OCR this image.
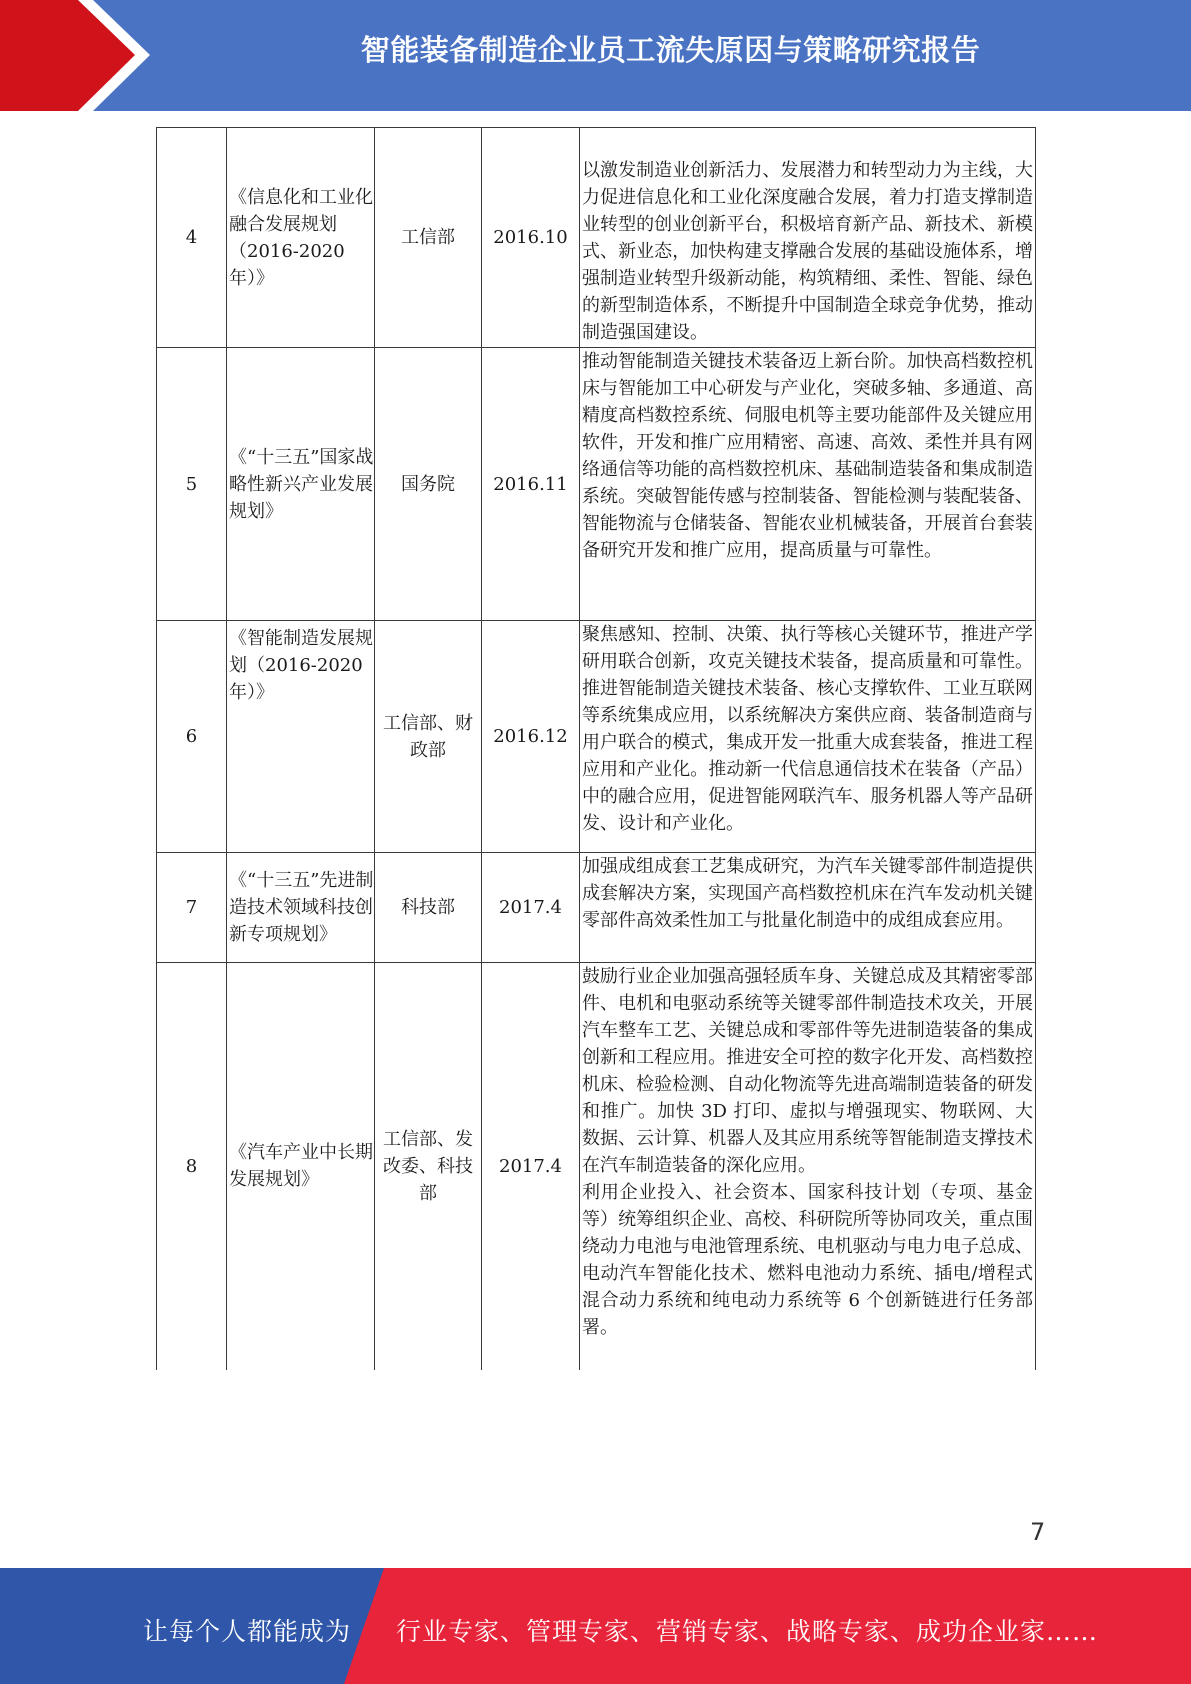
智能装备制造企业员工流失原因与策略研究报告
4	《信息化和工业化融合发展规划（2016-2020年）》	工信部	2016.10	以激发制造业创新活力、发展潜力和转型动力为主线，大力促进信息化和工业化深度融合发展，着力打造支撑制造业转型的创业创新平台，积极培育新产品、新技术、新模式、新业态，加快构建支撑融合发展的基础设施体系，增强制造业转型升级新动能，构筑精细、柔性、智能、绿色的新型制造体系，不断提升中国制造全球竞争优势，推动制造强国建设。

5	《“十三五”国家战略性新兴产业发展规划》	国务院	2016.11	推动智能制造关键技术装备迈上新台阶。加快高档数控机床与智能加工中心研发与产业化，突破多轴、多通道、高精度高档数控系统、伺服电机等主要功能部件及关键应用软件，开发和推广应用精密、高速、高效、柔性并具有网络通信等功能的高档数控机床、基础制造装备和集成制造系统。突破智能传感与控制装备、智能检测与装配装备、智能物流与仓储装备、智能农业机械装备，开展首台套装备研究开发和推广应用，提高质量与可靠性。

6	《智能制造发展规划（2016-2020年）》	工信部、财政部	2016.12	聚焦感知、控制、决策、执行等核心关键环节，推进产学研用联合创新，攻克关键技术装备，提高质量和可靠性。推进智能制造关键技术装备、核心支撑软件、工业互联网等系统集成应用，以系统解决方案供应商、装备制造商与用户联合的模式，集成开发一批重大成套装备，推进工程应用和产业化。推动新一代信息通信技术在装备（产品）中的融合应用，促进智能网联汽车、服务机器人等产品研发、设计和产业化。

7	《“十三五”先进制造技术领域科技创新专项规划》	科技部	2017.4	加强成组成套工艺集成研究，为汽车关键零部件制造提供成套解决方案，实现国产高档数控机床在汽车发动机关键零部件高效柔性加工与批量化制造中的成组成套应用。

8	《汽车产业中长期发展规划》	工信部、发改委、科技部	2017.4	鼓励行业企业加强高强轻质车身、关键总成及其精密零部件、电机和电驱动系统等关键零部件制造技术攻关，开展汽车整车工艺、关键总成和零部件等先进制造装备的集成创新和工程应用。推进安全可控的数字化开发、高档数控机床、检验检测、自动化物流等先进高端制造装备的研发和推广。加快 3D 打印、虚拟与增强现实、物联网、大数据、云计算、机器人及其应用系统等智能制造支撑技术在汽车制造装备的深化应用。
利用企业投入、社会资本、国家科技计划（专项、基金等）统筹组织企业、高校、科研院所等协同攻关，重点围绕动力电池与电池管理系统、电机驱动与电力电子总成、电动汽车智能化技术、燃料电池动力系统、插电/增程式混合动力系统和纯电动力系统等 6 个创新链进行任务部署。
7
让每个人都能成为 行业专家、管理专家、营销专家、战略专家、成功企业家……
